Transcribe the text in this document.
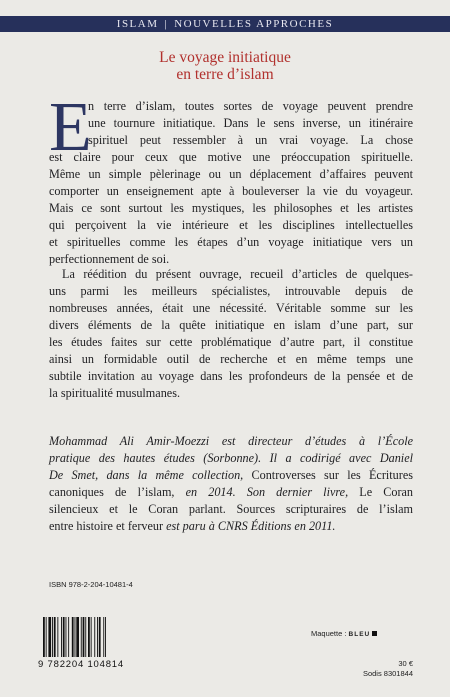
ISLAM | NOUVELLES APPROCHES
Le voyage initiatique
en terre d’islam
E
n terre d’islam, toutes sortes de voyage peuvent prendre
une tournure initiatique. Dans le sens inverse, un itinéraire
spirituel peut ressembler à un vrai voyage. La chose
est claire pour ceux que motive une préoccupation spirituelle.
Même un simple pèlerinage ou un déplacement d’affaires peuvent
comporter un enseignement apte à bouleverser la vie du voyageur.
Mais ce sont surtout les mystiques, les philosophes et les artistes
qui perçoivent la vie intérieure et les disciplines intellectuelles
et spirituelles comme les étapes d’un voyage initiatique vers un
perfectionnement de soi.
La réédition du présent ouvrage, recueil d’articles de quelques-
uns parmi les meilleurs spécialistes, introuvable depuis de
nombreuses années, était une nécessité. Véritable somme sur les
divers éléments de la quête initiatique en islam d’une part, sur
les études faites sur cette problématique d’autre part, il constitue
ainsi un formidable outil de recherche et en même temps une
subtile invitation au voyage dans les profondeurs de la pensée et de
la spiritualité musulmanes.
Mohammad Ali Amir-Moezzi est directeur d’études à l’École
pratique des hautes études (Sorbonne). Il a codirigé avec Daniel
De Smet, dans la même collection, Controverses sur les Écritures
canoniques de l’islam, en 2014. Son dernier livre, Le Coran
silencieux et le Coran parlant. Sources scripturaires de l’islam
entre histoire et ferveur est paru à CNRS Éditions en 2011.
ISBN 978-2-204-10481-4
9 782204 104814
Maquette : BLEU
30 €
Sodis 8301844
